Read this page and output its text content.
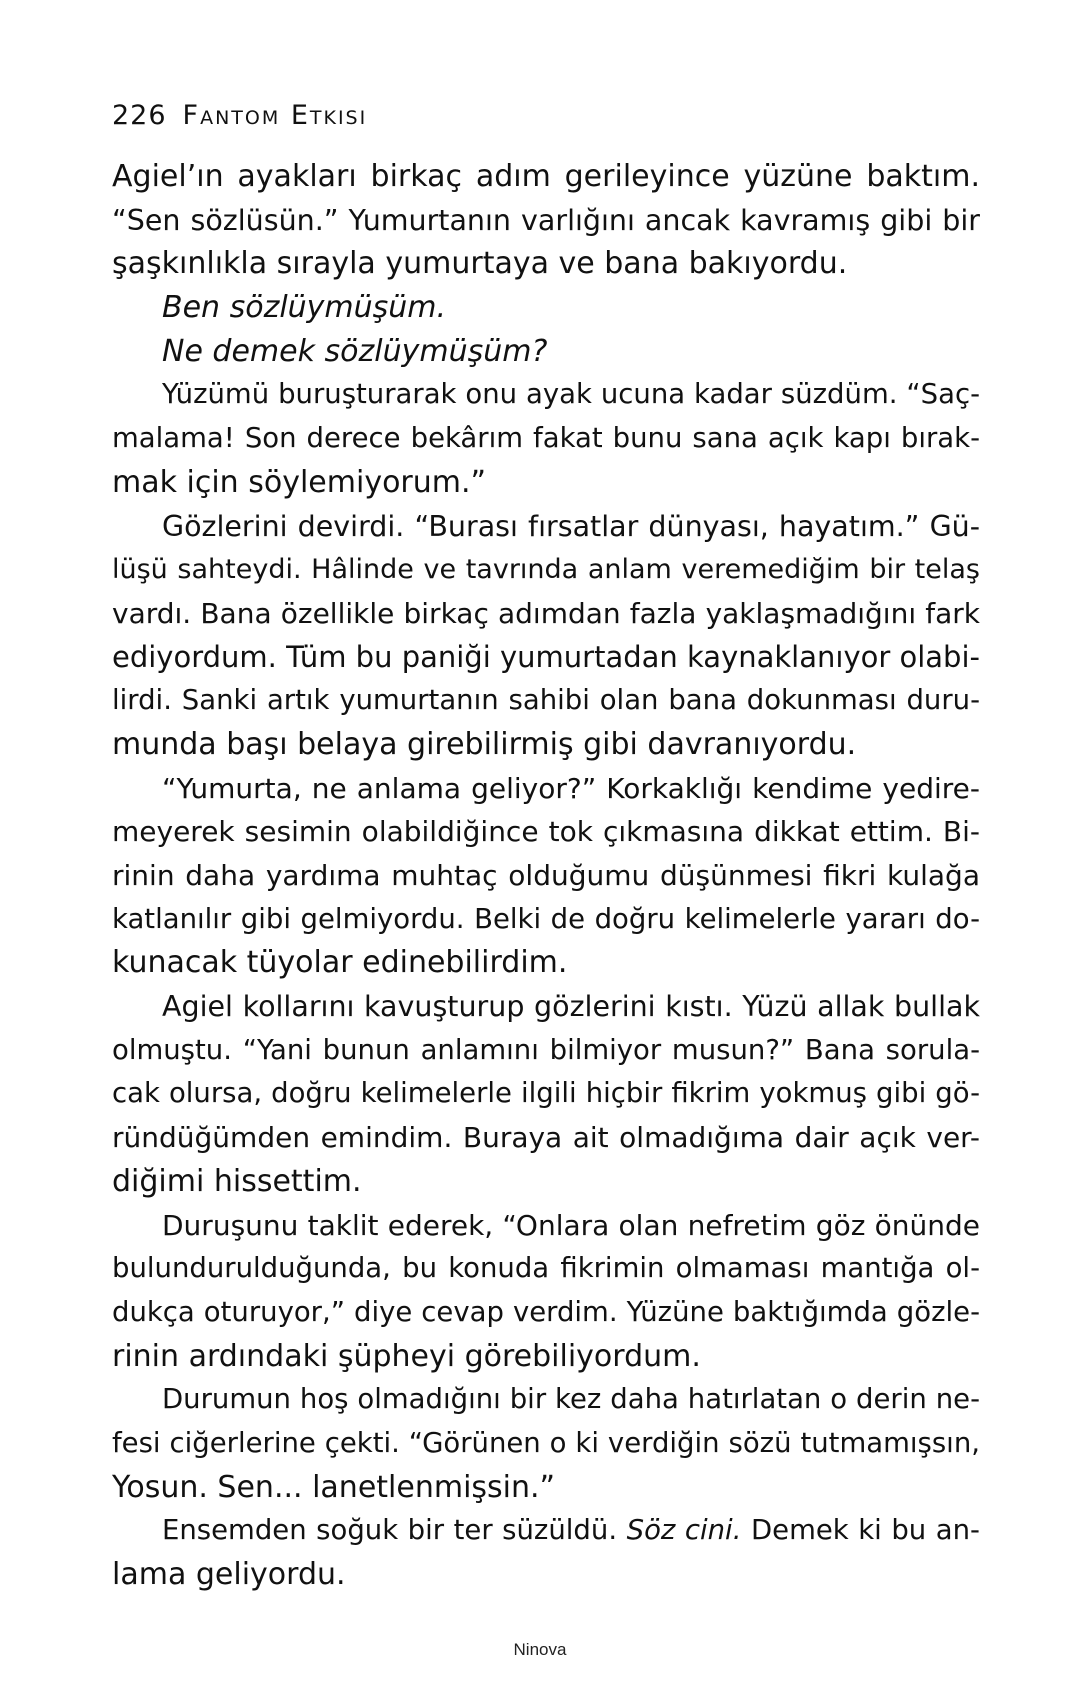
226 Fantom Etkisi
Agiel’ın ayakları birkaç adım gerileyince yüzüne baktım.
“Sen sözlüsün.” Yumurtanın varlığını ancak kavramış gibi bir
şaşkınlıkla sırayla yumurtaya ve bana bakıyordu.
Ben sözlüymüşüm.
Ne demek sözlüymüşüm?
Yüzümü buruşturarak onu ayak ucuna kadar süzdüm. “Saç-
malama! Son derece bekârım fakat bunu sana açık kapı bırak-
mak için söylemiyorum.”
Gözlerini devirdi. “Burası fırsatlar dünyası, hayatım.” Gü-
lüşü sahteydi. Hâlinde ve tavrında anlam veremediğim bir telaş
vardı. Bana özellikle birkaç adımdan fazla yaklaşmadığını fark
ediyordum. Tüm bu paniği yumurtadan kaynaklanıyor olabi-
lirdi. Sanki artık yumurtanın sahibi olan bana dokunması duru-
munda başı belaya girebilirmiş gibi davranıyordu.
“Yumurta, ne anlama geliyor?” Korkaklığı kendime yedire-
meyerek sesimin olabildiğince tok çıkmasına dikkat ettim. Bi-
rinin daha yardıma muhtaç olduğumu düşünmesi fikri kulağa
katlanılır gibi gelmiyordu. Belki de doğru kelimelerle yararı do-
kunacak tüyolar edinebilirdim.
Agiel kollarını kavuşturup gözlerini kıstı. Yüzü allak bullak
olmuştu. “Yani bunun anlamını bilmiyor musun?” Bana sorula-
cak olursa, doğru kelimelerle ilgili hiçbir fikrim yokmuş gibi gö-
ründüğümden emindim. Buraya ait olmadığıma dair açık ver-
diğimi hissettim.
Duruşunu taklit ederek, “Onlara olan nefretim göz önünde
bulundurulduğunda, bu konuda fikrimin olmaması mantığa ol-
dukça oturuyor,” diye cevap verdim. Yüzüne baktığımda gözle-
rinin ardındaki şüpheyi görebiliyordum.
Durumun hoş olmadığını bir kez daha hatırlatan o derin ne-
fesi ciğerlerine çekti. “Görünen o ki verdiğin sözü tutmamışsın,
Yosun. Sen... lanetlenmişsin.”
Ensemden soğuk bir ter süzüldü. Söz cini. Demek ki bu an-
lama geliyordu.
Ninova
